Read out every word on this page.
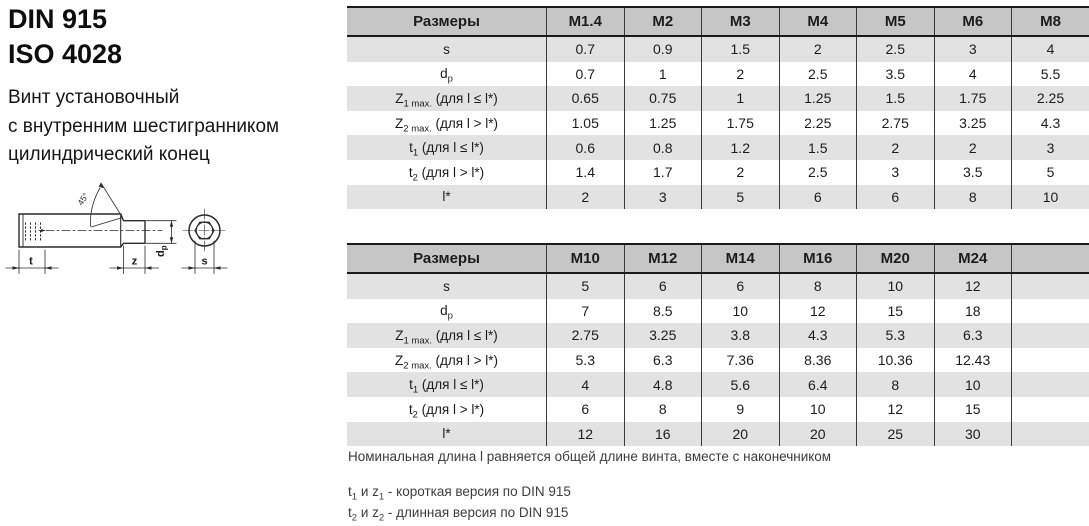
DIN 915
ISO 4028
Винт установочный
с внутренним шестигранником
цилиндрический конец
45°
t	z
$d_p$
s
Размеры	M1.4	M2	M3	M4	M5	M6	M8
s	0.7	0.9	1.5	2	2.5	3	4
$d_p$	0.7	1	2	2.5	3.5	4	5.5
$Z_{1 max.}$ (для l ≤ l*)	0.65	0.75	1	1.25	1.5	1.75	2.25
$Z_{2 max.}$ (для l > l*)	1.05	1.25	1.75	2.25	2.75	3.25	4.3
$t_1$ (для l ≤ l*)	0.6	0.8	1.2	1.5	2	2	3
$t_2$ (для l > l*)	1.4	1.7	2	2.5	3	3.5	5
l*	2	3	5	6	6	8	10
Размеры	M10	M12	M14	M16	M20	M24	
s	5	6	6	8	10	12	
$d_p$	7	8.5	10	12	15	18	
$Z_{1 max.}$ (для l ≤ l*)	2.75	3.25	3.8	4.3	5.3	6.3	
$Z_{2 max.}$ (для l > l*)	5.3	6.3	7.36	8.36	10.36	12.43	
$t_1$ (для l ≤ l*)	4	4.8	5.6	6.4	8	10	
$t_2$ (для l > l*)	6	8	9	10	12	15	
l*	12	16	20	20	25	30	
Номинальная длина l равняется общей длине винта, вместе с наконечником
$t_1$ и $z_1$ - короткая версия по DIN 915
$t_2$ и $z_2$ - длинная версия по DIN 915
